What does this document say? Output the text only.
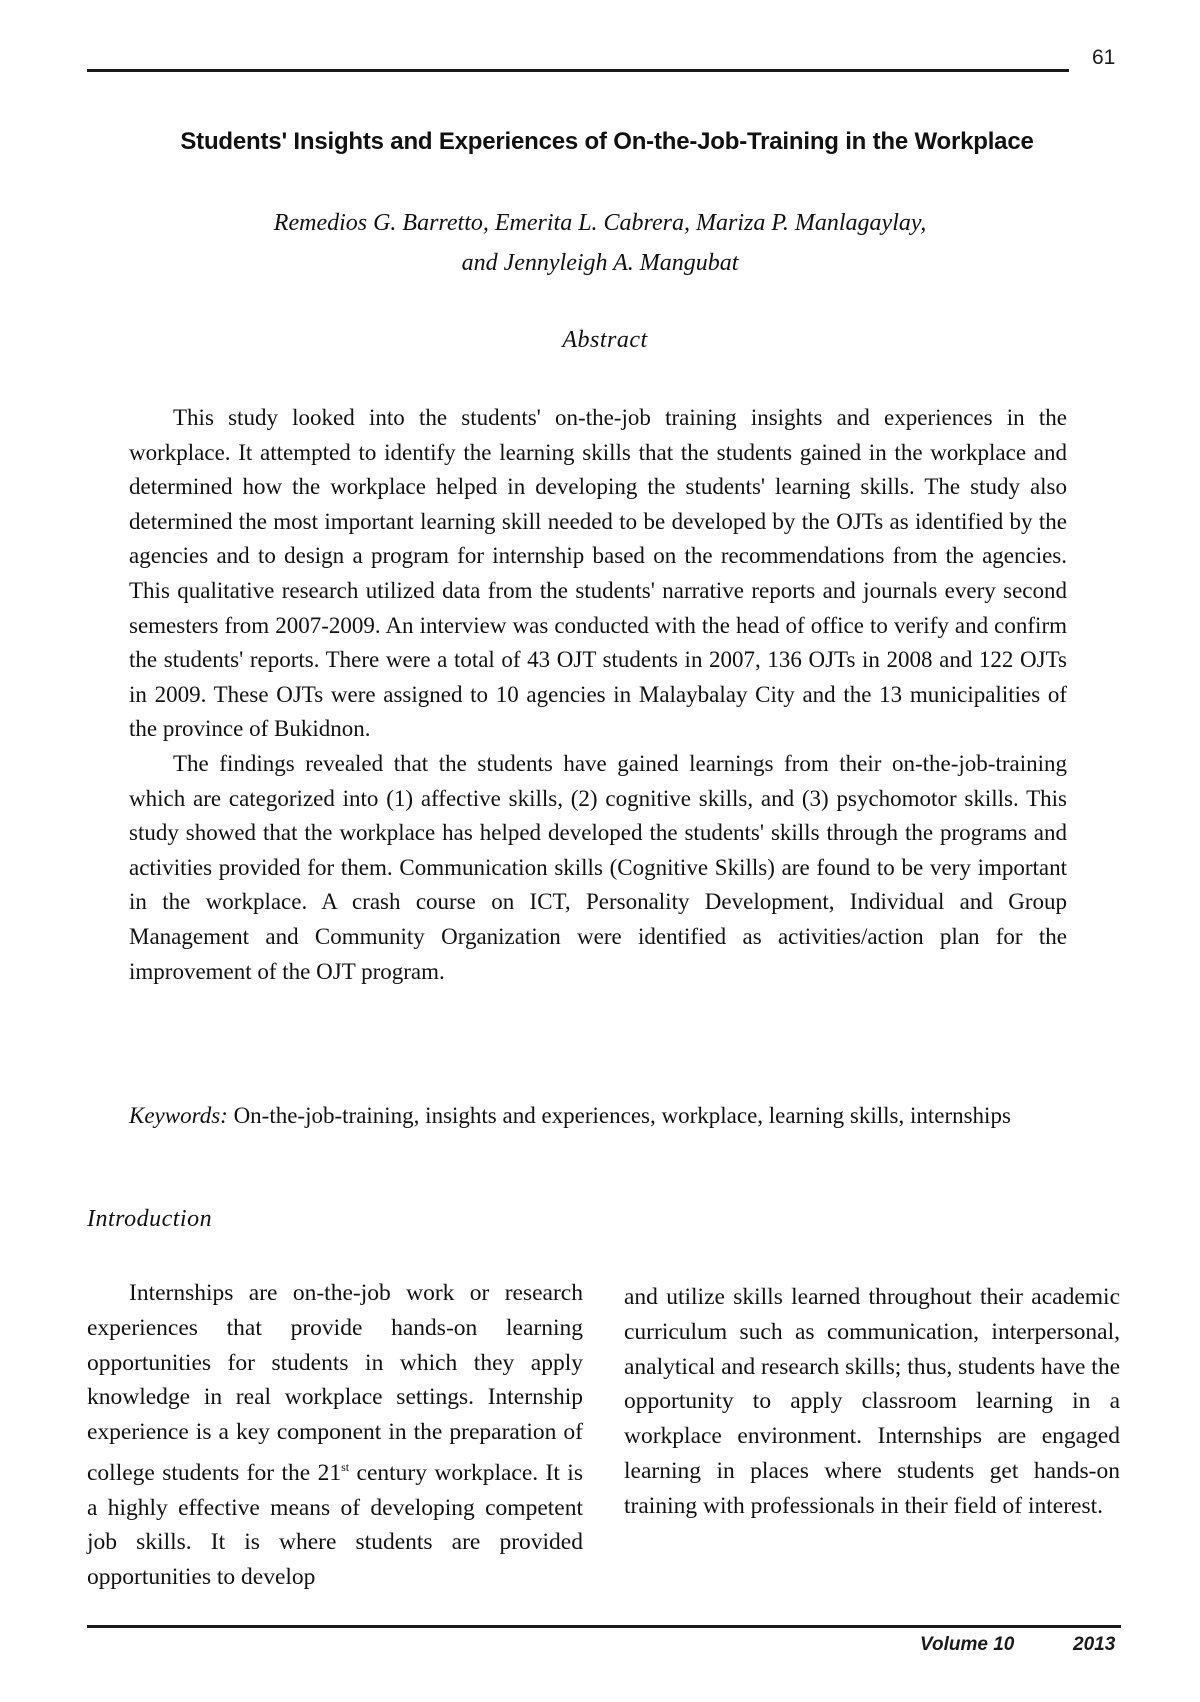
61
Students' Insights and Experiences of On-the-Job-Training in the Workplace
Remedios G. Barretto, Emerita L. Cabrera, Mariza P. Manlagaylay,
and Jennyleigh A. Mangubat
Abstract

This study looked into the students' on-the-job training insights and experiences in the workplace. It attempted to identify the learning skills that the students gained in the workplace and determined how the workplace helped in developing the students' learning skills. The study also determined the most important learning skill needed to be developed by the OJTs as identified by the agencies and to design a program for internship based on the recommendations from the agencies. This qualitative research utilized data from the students' narrative reports and journals every second semesters from 2007-2009. An interview was conducted with the head of office to verify and confirm the students' reports. There were a total of 43 OJT students in 2007, 136 OJTs in 2008 and 122 OJTs in 2009. These OJTs were assigned to 10 agencies in Malaybalay City and the 13 municipalities of the province of Bukidnon.

The findings revealed that the students have gained learnings from their on-the-job-training which are categorized into (1) affective skills, (2) cognitive skills, and (3) psychomotor skills. This study showed that the workplace has helped developed the students' skills through the programs and activities provided for them. Communication skills (Cognitive Skills) are found to be very important in the workplace. A crash course on ICT, Personality Development, Individual and Group Management and Community Organization were identified as activities/action plan for the improvement of the OJT program.

Keywords: On-the-job-training, insights and experiences, workplace, learning skills, internships
Introduction
Internships are on-the-job work or research experiences that provide hands-on learning opportunities for students in which they apply knowledge in real workplace settings. Internship experience is a key component in the preparation of college students for the 21st century workplace. It is a highly effective means of developing competent job skills. It is where students are provided opportunities to develop
and utilize skills learned throughout their academic curriculum such as communication, interpersonal, analytical and research skills; thus, students have the opportunity to apply classroom learning in a workplace environment. Internships are engaged learning in places where students get hands-on training with professionals in their field of interest.
Volume 10	2013
